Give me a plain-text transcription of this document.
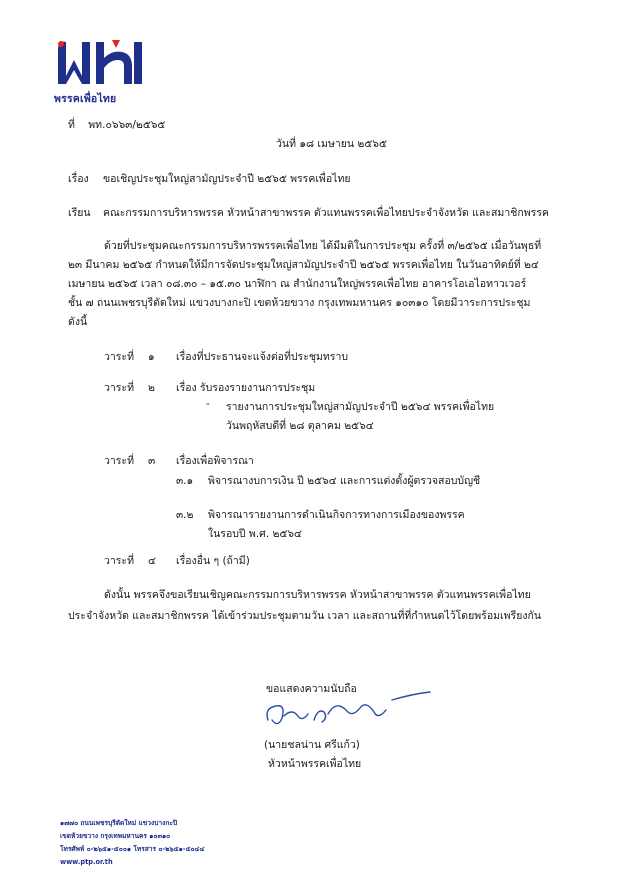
พรรคเพื่อไทย
ที่ พท.๐๖๖๓/๒๕๖๕
วันที่ ๑๘ เมษายน ๒๕๖๕
เรื่อง ขอเชิญประชุมใหญ่สามัญประจำปี ๒๕๖๕ พรรคเพื่อไทย
เรียน คณะกรรมการบริหารพรรค หัวหน้าสาขาพรรค ตัวแทนพรรคเพื่อไทยประจำจังหวัด และสมาชิกพรรค
ด้วยที่ประชุมคณะกรรมการบริหารพรรคเพื่อไทย ได้มีมติในการประชุม ครั้งที่ ๓/๒๕๖๕ เมื่อวันพุธที่
๒๓ มีนาคม ๒๕๖๕ กำหนดให้มีการจัดประชุมใหญ่สามัญประจำปี ๒๕๖๕ พรรคเพื่อไทย ในวันอาทิตย์ที่ ๒๔
เมษายน ๒๕๖๕ เวลา ๐๘.๓๐ – ๑๕.๓๐ นาฬิกา ณ สำนักงานใหญ่พรรคเพื่อไทย อาคารโอเอไอทาวเวอร์
ชั้น ๗ ถนนเพชรบุรีตัดใหม่ แขวงบางกะปิ เขตห้วยขวาง กรุงเทพมหานคร ๑๐๓๑๐ โดยมีวาระการประชุม
ดังนี้
วาระที่ ๑ เรื่องที่ประธานจะแจ้งต่อที่ประชุมทราบ
วาระที่ ๒ เรื่อง รับรองรายงานการประชุม
- รายงานการประชุมใหญ่สามัญประจำปี ๒๕๖๔ พรรคเพื่อไทย
วันพฤหัสบดีที่ ๒๘ ตุลาคม ๒๕๖๔
วาระที่ ๓ เรื่องเพื่อพิจารณา
๓.๑ พิจารณางบการเงิน ปี ๒๕๖๔ และการแต่งตั้งผู้ตรวจสอบบัญชี
๓.๒ พิจารณารายงานการดำเนินกิจการทางการเมืองของพรรค
ในรอบปี พ.ศ. ๒๕๖๔
วาระที่ ๔ เรื่องอื่น ๆ (ถ้ามี)
ดังนั้น พรรคจึงขอเรียนเชิญคณะกรรมการบริหารพรรค หัวหน้าสาขาพรรค ตัวแทนพรรคเพื่อไทย
ประจำจังหวัด และสมาชิกพรรค ได้เข้าร่วมประชุมตามวัน เวลา และสถานที่ที่กำหนดไว้โดยพร้อมเพรียงกัน
ขอแสดงความนับถือ
(นายชลน่าน ศรีแก้ว)
หัวหน้าพรรคเพื่อไทย
๑๗๗๐ ถนนเพชรบุรีตัดใหม่ แขวงบางกะปิ
เขตห้วยขวาง กรุงเทพมหานคร ๑๐๓๑๐
โทรศัพท์ ๐-๒๖๕๑-๕๐๐๑ โทรสาร ๐-๒๖๕๑-๕๐๔๔
www.ptp.or.th
